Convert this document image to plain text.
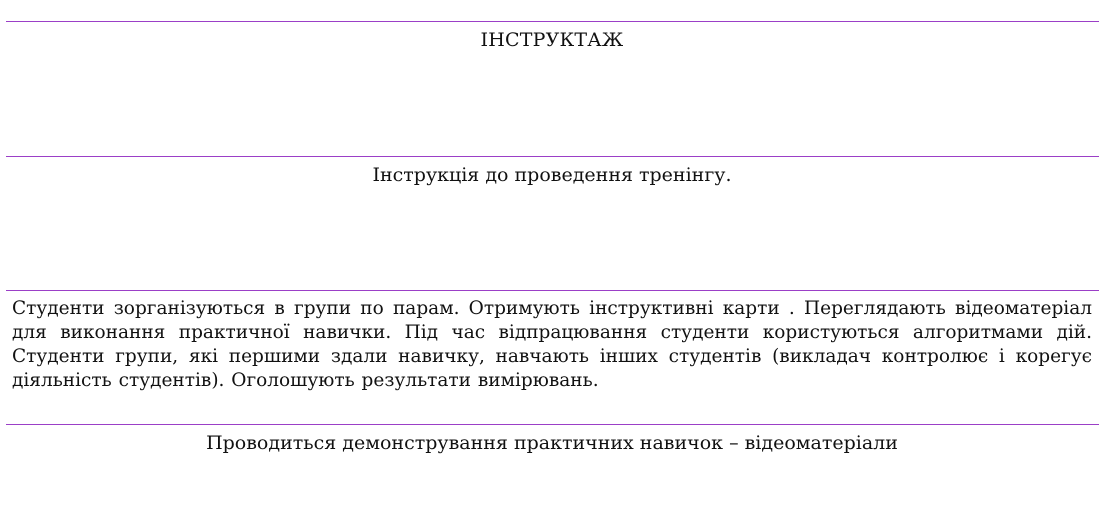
ІНСТРУКТАЖ
Інструкція до проведення тренінгу.
Студенти зорганізуються в групи по парам. Отримують інструктивні карти . Переглядають відеоматеріал для виконання практичної навички. Під час відпрацювання студенти користуються алгоритмами дій. Студенти групи, які першими здали навичку, навчають інших студентів (викладач контролює і корегує діяльність студентів). Оголошують результати вимірювань.
Проводиться демонстрування практичних навичок – відеоматеріали
